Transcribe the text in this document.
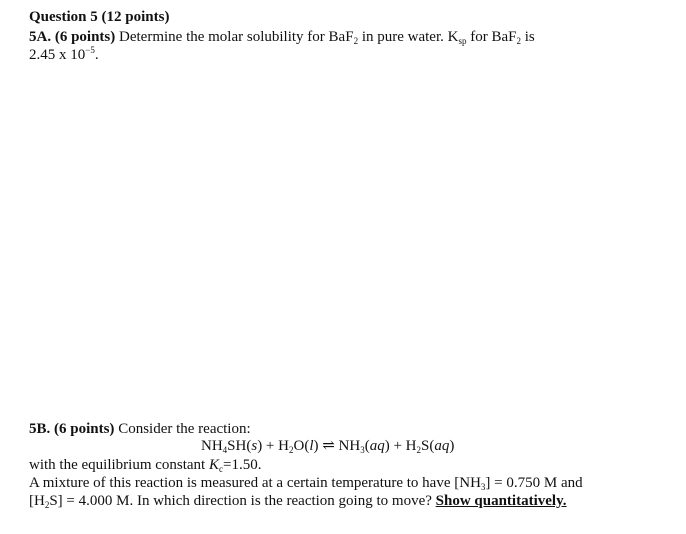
Question 5 (12 points)
5A. (6 points) Determine the molar solubility for BaF$_2$ in pure water. $K_{sp}$ for BaF$_2$ is
2.45 x $10^{-5}$.
5B. (6 points) Consider the reaction:
$NH_4SH(s) + H_2O(l)$ ⇌ $NH_3(aq) + H_2S(aq)$
with the equilibrium constant $K_c=1.50$.
A mixture of this reaction is measured at a certain temperature to have $[NH_3] = 0.750$ M and
$[H_2S] = 4.000$ M. In which direction is the reaction going to move? Show quantitatively.
